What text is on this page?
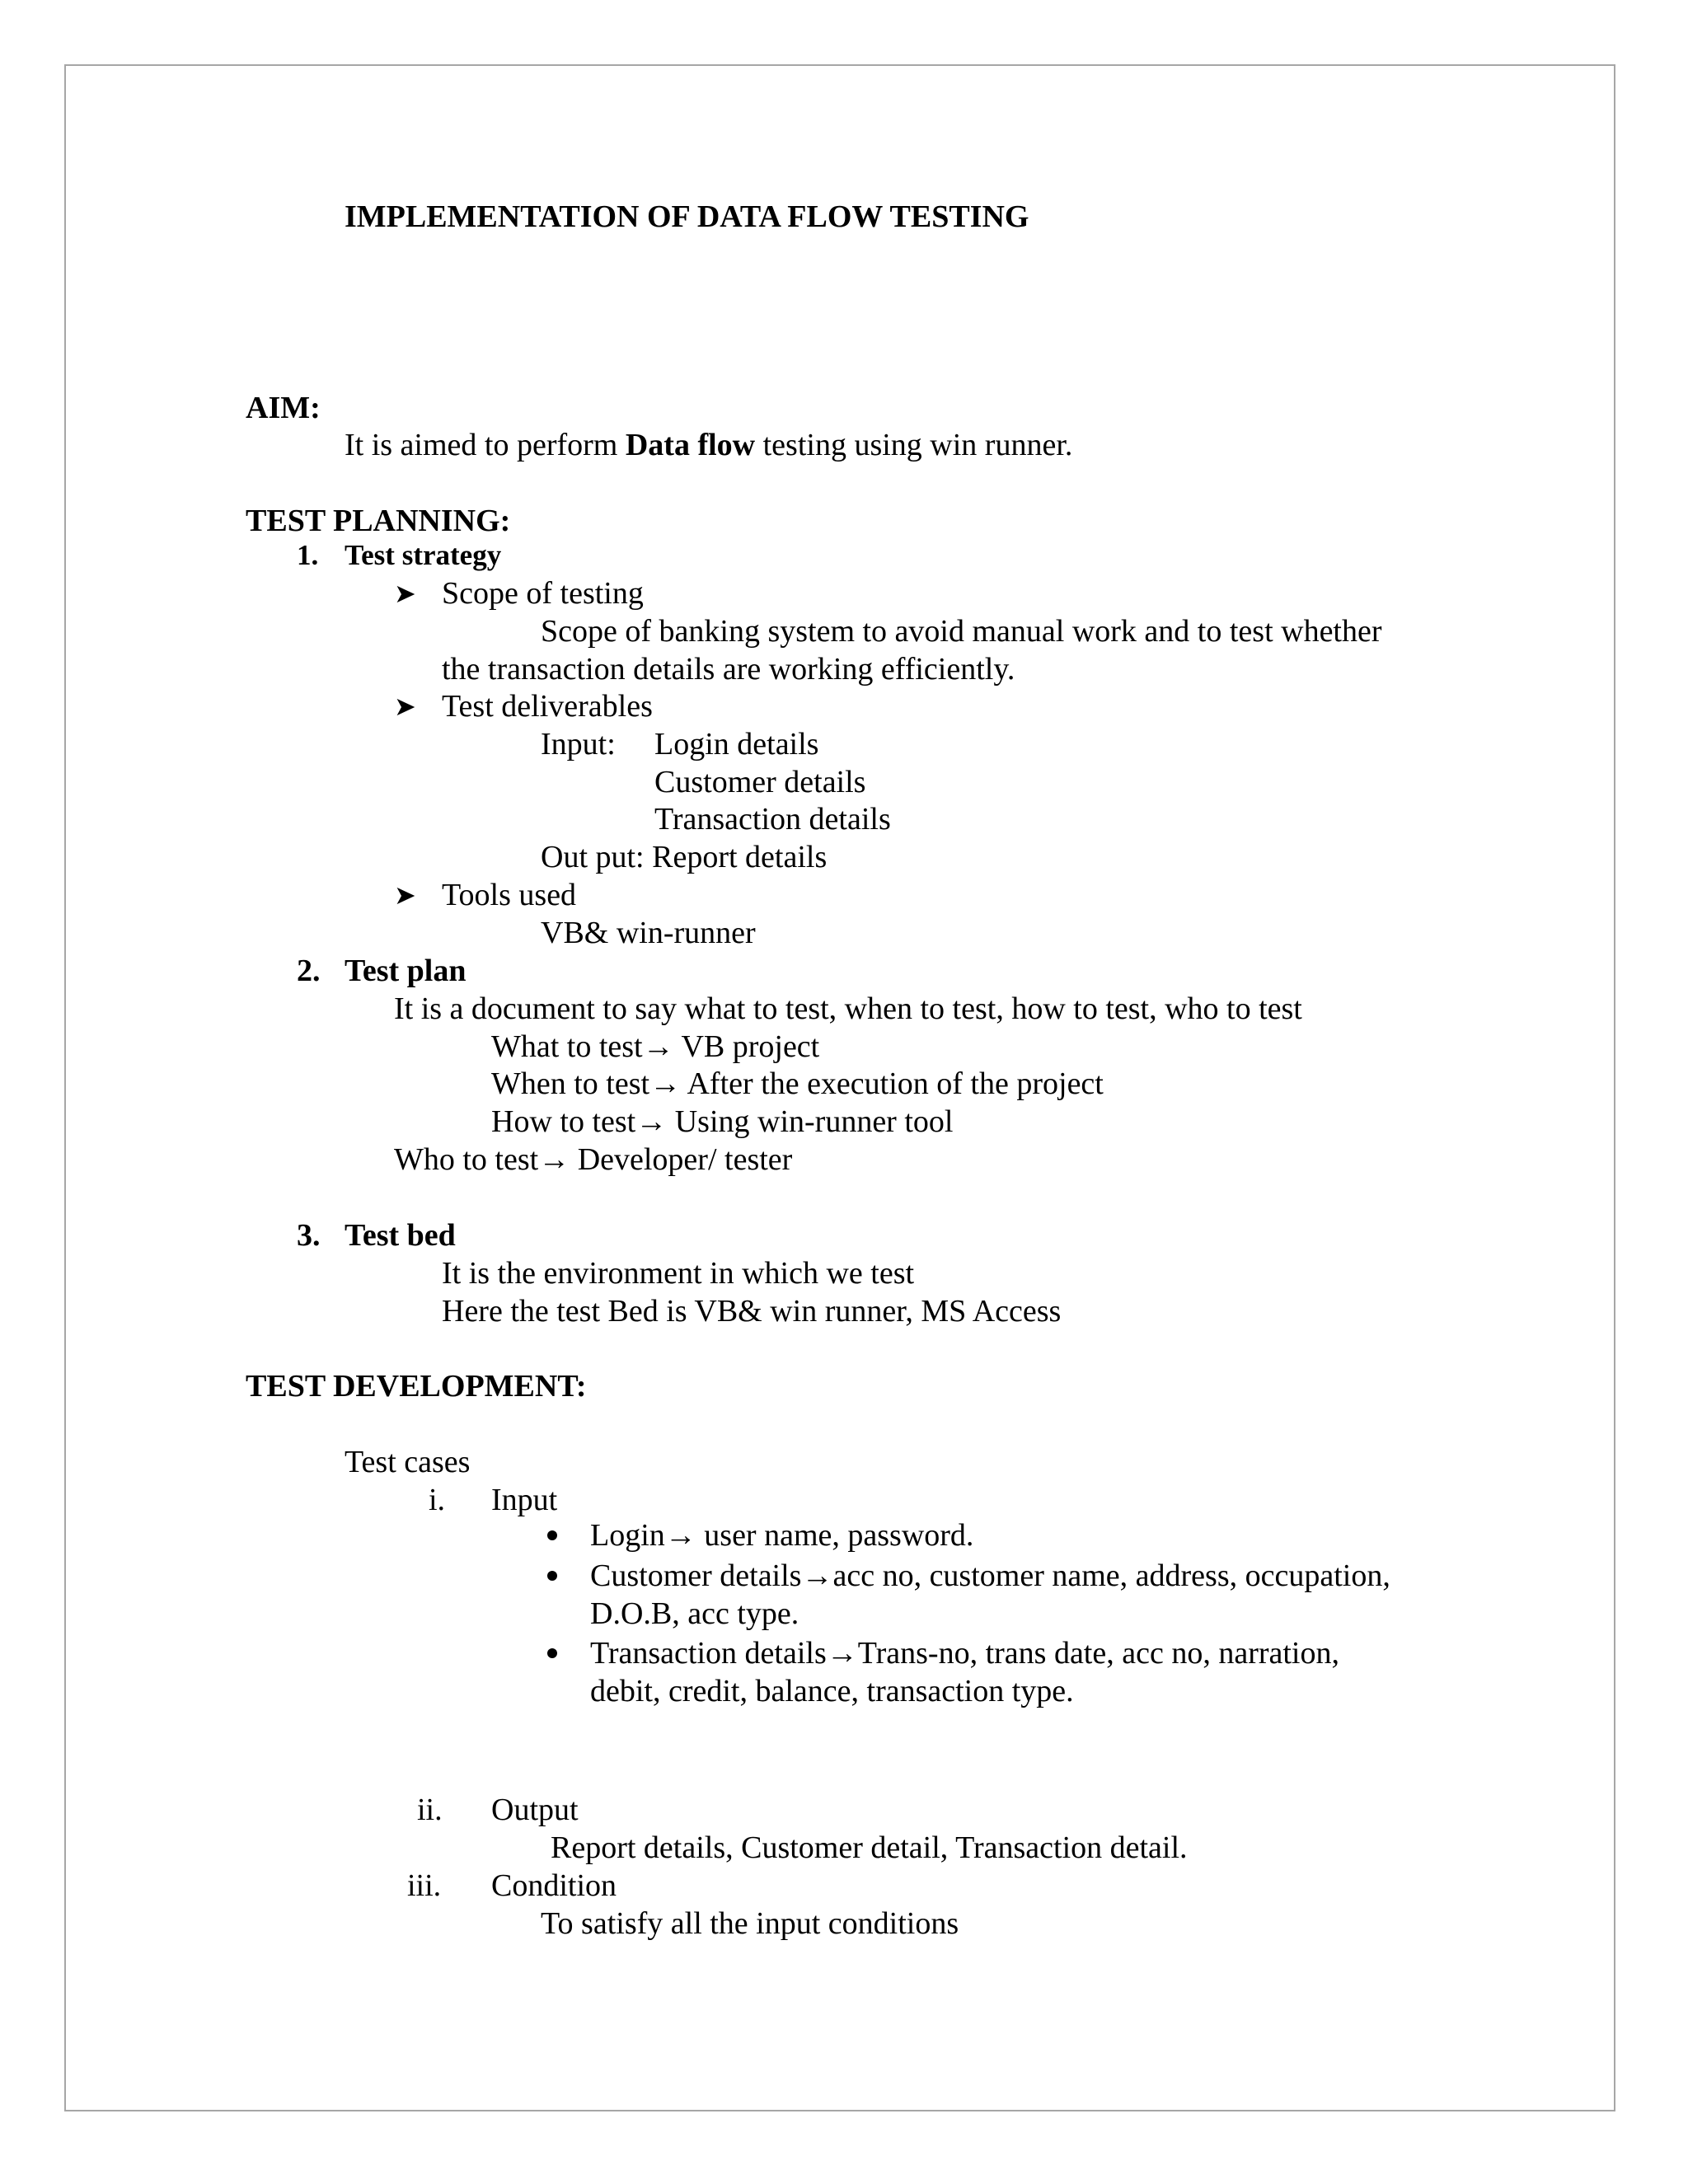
IMPLEMENTATION OF DATA FLOW TESTING
AIM:
It is aimed to perform Data flow testing using win runner.
TEST PLANNING:
1. Test strategy
➤ Scope of testing
Scope of banking system to avoid manual work and to test whether
the transaction details are working efficiently.
➤ Test deliverables
Input: Login details
Customer details
Transaction details
Out put: Report details
➤ Tools used
VB& win-runner
2. Test plan
It is a document to say what to test, when to test, how to test, who to test
What to test→ VB project
When to test→ After the execution of the project
How to test→ Using win-runner tool
Who to test→ Developer/ tester
3. Test bed
It is the environment in which we test
Here the test Bed is VB& win runner, MS Access
TEST DEVELOPMENT:
Test cases
i. Input
Login→ user name, password.
Customer details→acc no, customer name, address, occupation,
D.O.B, acc type.
Transaction details→Trans-no, trans date, acc no, narration,
debit, credit, balance, transaction type.
ii. Output
Report details, Customer detail, Transaction detail.
iii. Condition
To satisfy all the input conditions
